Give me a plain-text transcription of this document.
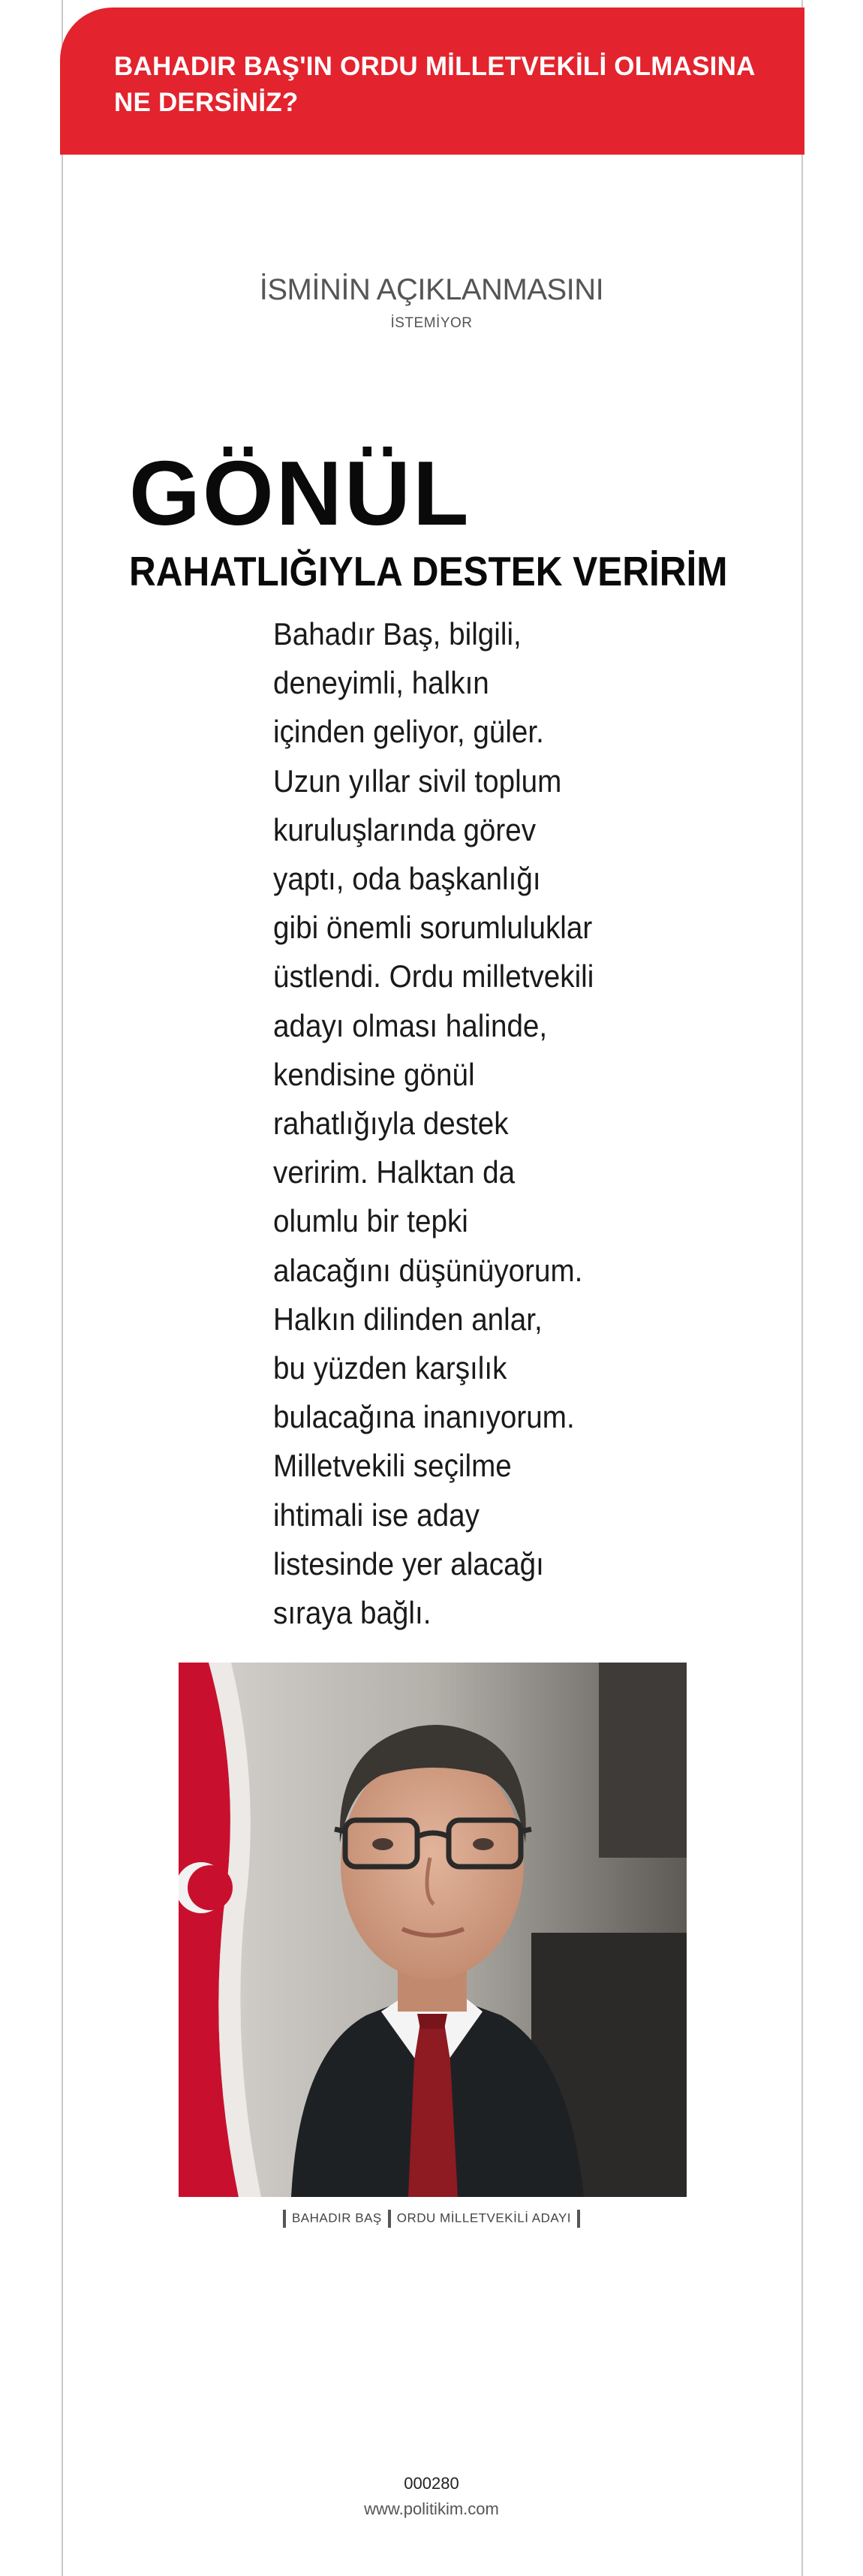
BAHADIR BAŞ'IN ORDU MİLLETVEKİLİ OLMASINA
NE DERSİNİZ?
İSMİNİN AÇIKLANMASINI
İSTEMİYOR
GÖNÜL
RAHATLIĞIYLA DESTEK VERİRİM
Bahadır Baş, bilgili,
deneyimli, halkın
içinden geliyor, güler.
Uzun yıllar sivil toplum
kuruluşlarında görev
yaptı, oda başkanlığı
gibi önemli sorumluluklar
üstlendi. Ordu milletvekili
adayı olması halinde,
kendisine gönül
rahatlığıyla destek
veririm. Halktan da
olumlu bir tepki
alacağını düşünüyorum.
Halkın dilinden anlar,
bu yüzden karşılık
bulacağına inanıyorum.
Milletvekili seçilme
ihtimali ise aday
listesinde yer alacağı
sıraya bağlı.
BAHADIR BAŞ ORDU MİLLETVEKİLİ ADAYI
000280
www.politikim.com
